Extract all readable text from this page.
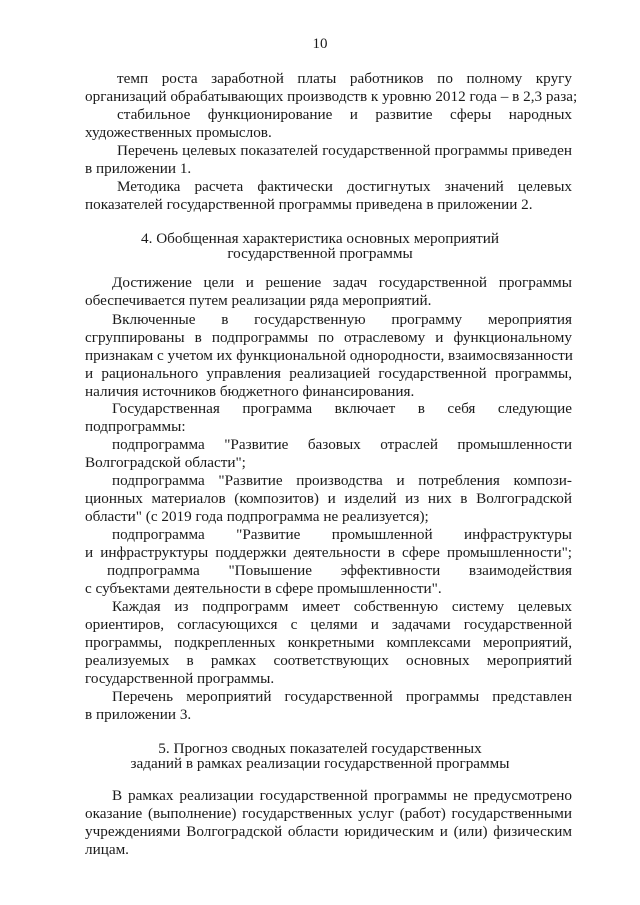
10
темп роста заработной платы работников по полному кругу
организаций обрабатывающих производств к уровню 2012 года – в 2,3 раза;
стабильное функционирование и развитие сферы народных
художественных промыслов.
Перечень целевых показателей государственной программы приведен
в приложении 1.
Методика расчета фактически достигнутых значений целевых
показателей государственной программы приведена в приложении 2.
4. Обобщенная характеристика основных мероприятий
государственной программы
Достижение цели и решение задач государственной программы
обеспечивается путем реализации ряда мероприятий.
Включенные в государственную программу мероприятия
сгруппированы в подпрограммы по отраслевому и функциональному
признакам с учетом их функциональной однородности, взаимосвязанности
и рационального управления реализацией государственной программы,
наличия источников бюджетного финансирования.
Государственная программа включает в себя следующие
подпрограммы:
подпрограмма "Развитие базовых отраслей промышленности
Волгоградской области";
подпрограмма "Развитие производства и потребления компози-
ционных материалов (композитов) и изделий из них в Волгоградской
области" (с 2019 года подпрограмма не реализуется);
подпрограмма "Развитие промышленной инфраструктуры
и инфраструктуры поддержки деятельности в сфере промышленности";
подпрограмма "Повышение эффективности взаимодействия
с субъектами деятельности в сфере промышленности".
Каждая из подпрограмм имеет собственную систему целевых
ориентиров, согласующихся с целями и задачами государственной
программы, подкрепленных конкретными комплексами мероприятий,
реализуемых в рамках соответствующих основных мероприятий
государственной программы.
Перечень мероприятий государственной программы представлен
в приложении 3.
5. Прогноз сводных показателей государственных
заданий в рамках реализации государственной программы
В рамках реализации государственной программы не предусмотрено
оказание (выполнение) государственных услуг (работ) государственными
учреждениями Волгоградской области юридическим и (или) физическим
лицам.
